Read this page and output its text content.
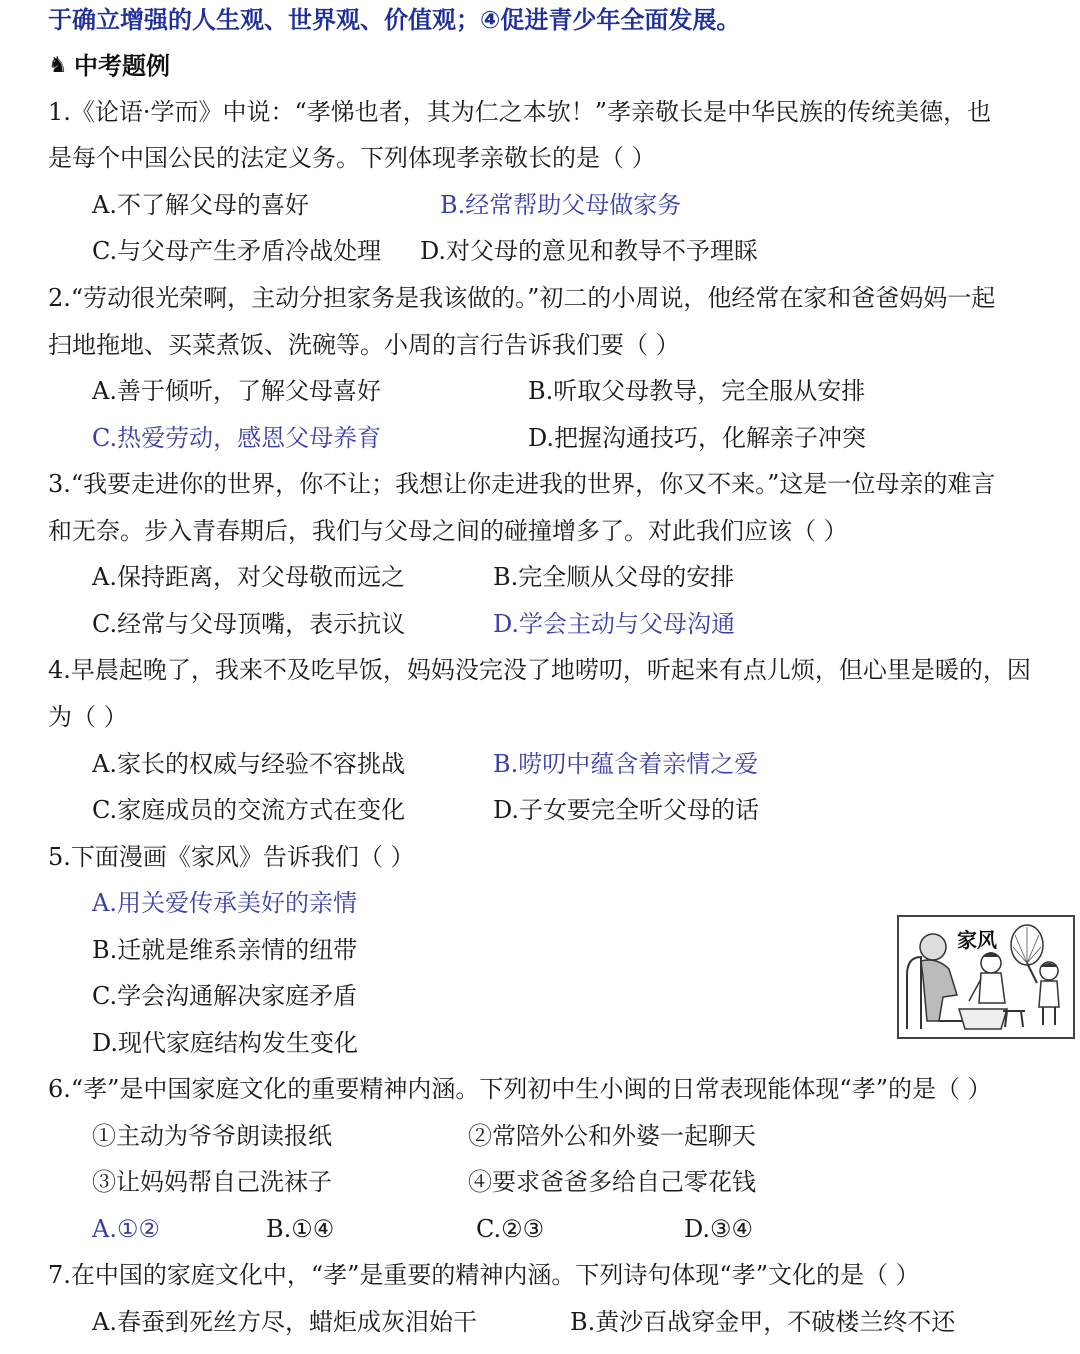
于确立增强的人生观、世界观、价值观；④促进青少年全面发展。
♞ 中考题例
1.《论语·学而》中说：“孝悌也者，其为仁之本欤！”孝亲敬长是中华民族的传统美德，也
是每个中国公民的法定义务。下列体现孝亲敬长的是（ ）
A.不了解父母的喜好	B.经常帮助父母做家务
C.与父母产生矛盾冷战处理 D.对父母的意见和教导不予理睬
2.“劳动很光荣啊，主动分担家务是我该做的。”初二的小周说，他经常在家和爸爸妈妈一起
扫地拖地、买菜煮饭、洗碗等。小周的言行告诉我们要（ ）
A.善于倾听，了解父母喜好	B.听取父母教导，完全服从安排
C.热爱劳动，感恩父母养育	D.把握沟通技巧，化解亲子冲突
3.“我要走进你的世界，你不让；我想让你走进我的世界，你又不来。”这是一位母亲的难言
和无奈。步入青春期后，我们与父母之间的碰撞增多了。对此我们应该（ ）
A.保持距离，对父母敬而远之	B.完全顺从父母的安排
C.经常与父母顶嘴，表示抗议	D.学会主动与父母沟通
4.早晨起晚了，我来不及吃早饭，妈妈没完没了地唠叨，听起来有点儿烦，但心里是暖的，因
为（ ）
A.家长的权威与经验不容挑战	B.唠叨中蕴含着亲情之爱
C.家庭成员的交流方式在变化	D.子女要完全听父母的话
5.下面漫画《家风》告诉我们（ ）
A.用关爱传承美好的亲情
B.迁就是维系亲情的纽带
C.学会沟通解决家庭矛盾
D.现代家庭结构发生变化
家风
6.“孝”是中国家庭文化的重要精神内涵。下列初中生小闽的日常表现能体现“孝”的是（ ）
①主动为爷爷朗读报纸	②常陪外公和外婆一起聊天
③让妈妈帮自己洗袜子	④要求爸爸多给自己零花钱
A.①②	B.①④	C.②③	D.③④
7.在中国的家庭文化中，“孝”是重要的精神内涵。下列诗句体现“孝”文化的是（ ）
A.春蚕到死丝方尽，蜡炬成灰泪始干	B.黄沙百战穿金甲，不破楼兰终不还
